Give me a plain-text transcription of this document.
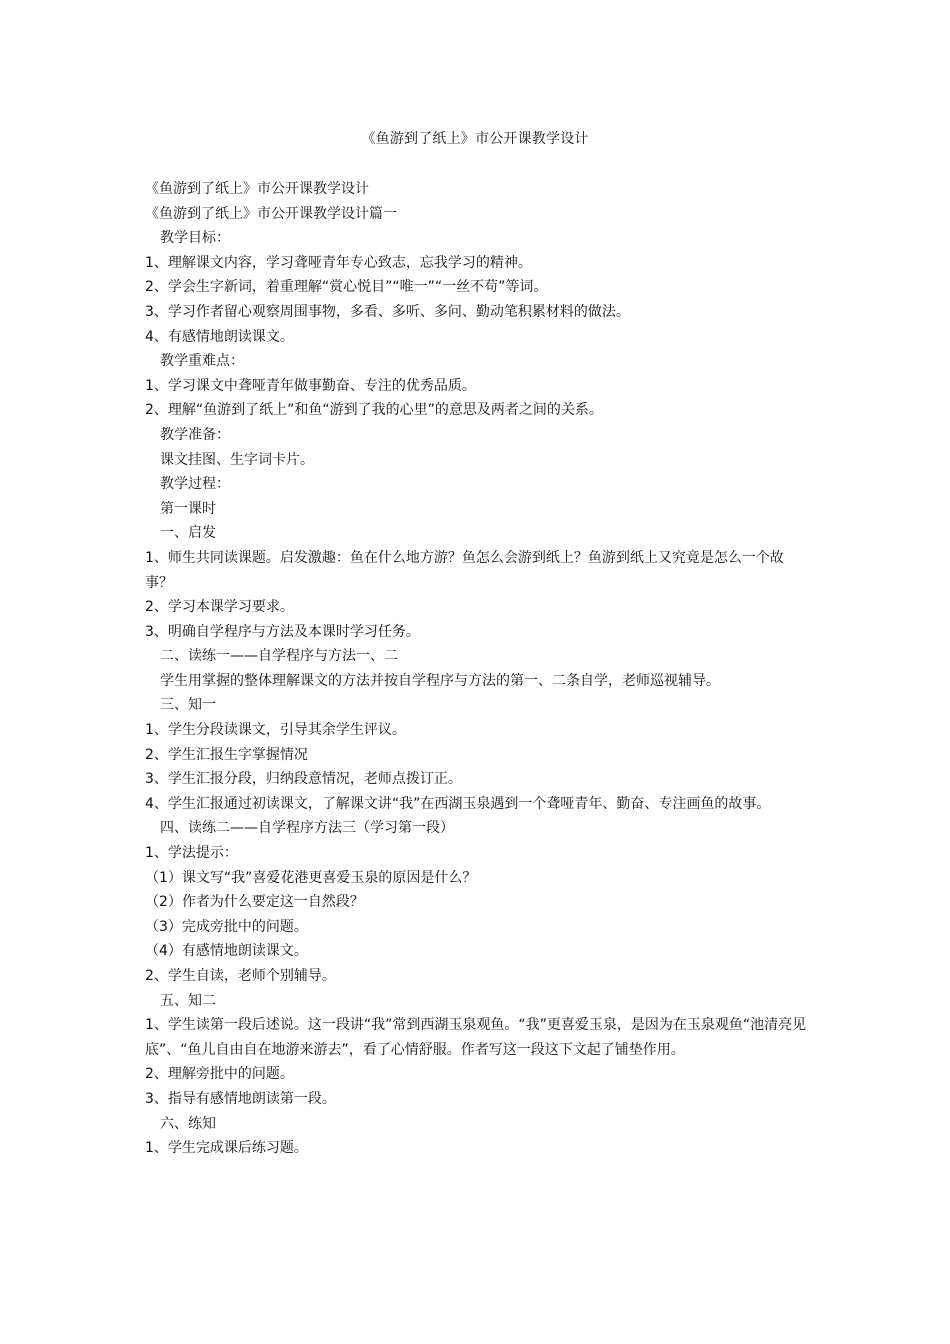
《鱼游到了纸上》市公开课教学设计

《鱼游到了纸上》市公开课教学设计

《鱼游到了纸上》市公开课教学设计篇一

教学目标：

1、理解课文内容，学习聋哑青年专心致志，忘我学习的精神。

2、学会生字新词，着重理解“赏心悦目”“唯一”“一丝不苟”等词。

3、学习作者留心观察周围事物，多看、多听、多问、勤动笔积累材料的做法。

4、有感情地朗读课文。

教学重难点：

1、学习课文中聋哑青年做事勤奋、专注的优秀品质。

2、理解“鱼游到了纸上”和鱼“游到了我的心里”的意思及两者之间的关系。

教学准备：

课文挂图、生字词卡片。

教学过程：

第一课时

一、启发

1、师生共同读课题。启发激趣：鱼在什么地方游？鱼怎么会游到纸上？鱼游到纸上又究竟是怎么一个故事？

2、学习本课学习要求。

3、明确自学程序与方法及本课时学习任务。

二、读练一——自学程序与方法一、二

学生用掌握的整体理解课文的方法并按自学程序与方法的第一、二条自学，老师巡视辅导。

三、知一

1、学生分段读课文，引导其余学生评议。

2、学生汇报生字掌握情况

3、学生汇报分段，归纳段意情况，老师点拨订正。

4、学生汇报通过初读课文，了解课文讲“我”在西湖玉泉遇到一个聋哑青年、勤奋、专注画鱼的故事。

四、读练二——自学程序方法三（学习第一段）

1、学法提示：

（1）课文写“我”喜爱花港更喜爱玉泉的原因是什么？

（2）作者为什么要定这一自然段？

（3）完成旁批中的问题。

（4）有感情地朗读课文。

2、学生自读，老师个别辅导。

五、知二

1、学生读第一段后述说。这一段讲“我”常到西湖玉泉观鱼。“我”更喜爱玉泉，是因为在玉泉观鱼“池清亮见底”、“鱼儿自由自在地游来游去”，看了心情舒服。作者写这一段这下文起了铺垫作用。

2、理解旁批中的问题。

3、指导有感情地朗读第一段。

六、练知

1、学生完成课后练习题。
